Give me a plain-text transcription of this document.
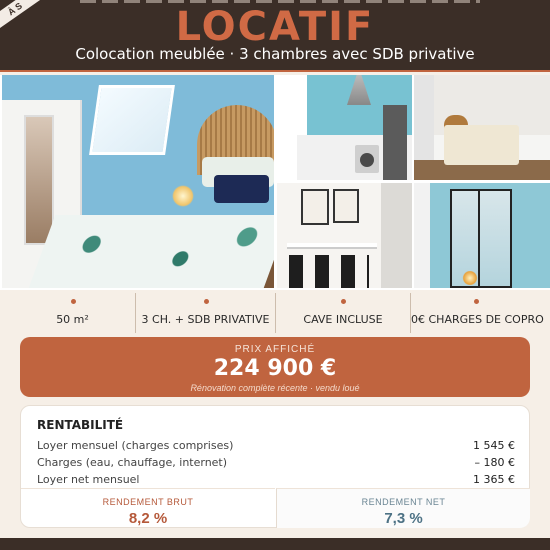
À S	LOCATIF
Colocation meublée · 3 chambres avec SDB privative
50 m²	3 CH. + SDB PRIVATIVE	CAVE INCLUSE	0€ CHARGES DE COPRO
PRIX AFFICHÉ
224 900 €
Rénovation complète récente · vendu loué
RENTABILITÉ
Loyer mensuel (charges comprises)	1 545 €
Charges (eau, chauffage, internet)	– 180 €
Loyer net mensuel	1 365 €
RENDEMENT BRUT
8,2 %
RENDEMENT NET
7,3 %
